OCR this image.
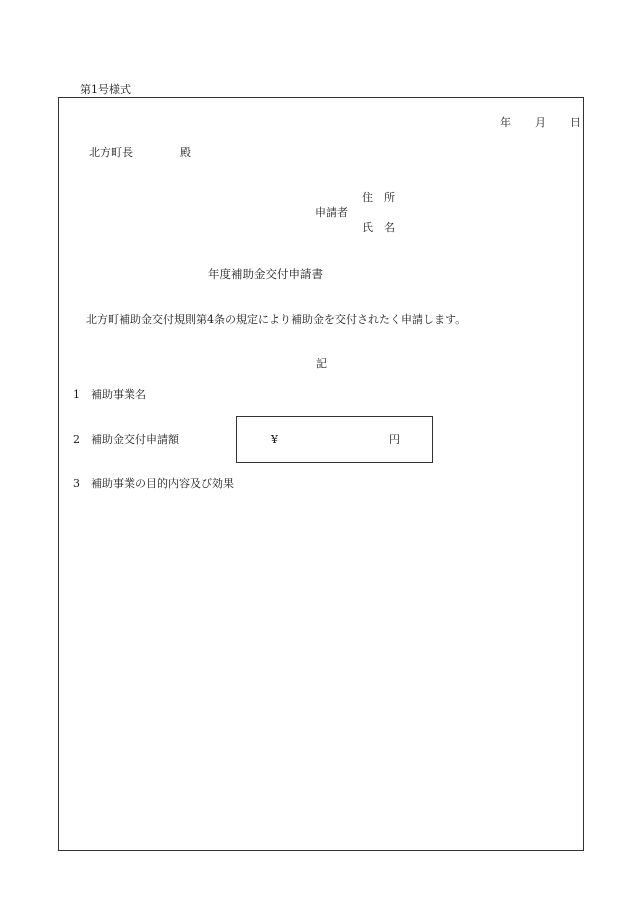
第1号様式
年 月 日
北方町長	殿
住　所
申請者
氏　名
年度補助金交付申請書
北方町補助金交付規則第4条の規定により補助金を交付されたく申請します。
記
1 補助事業名
2 補助金交付申請額	¥	円
3 補助事業の目的内容及び効果
